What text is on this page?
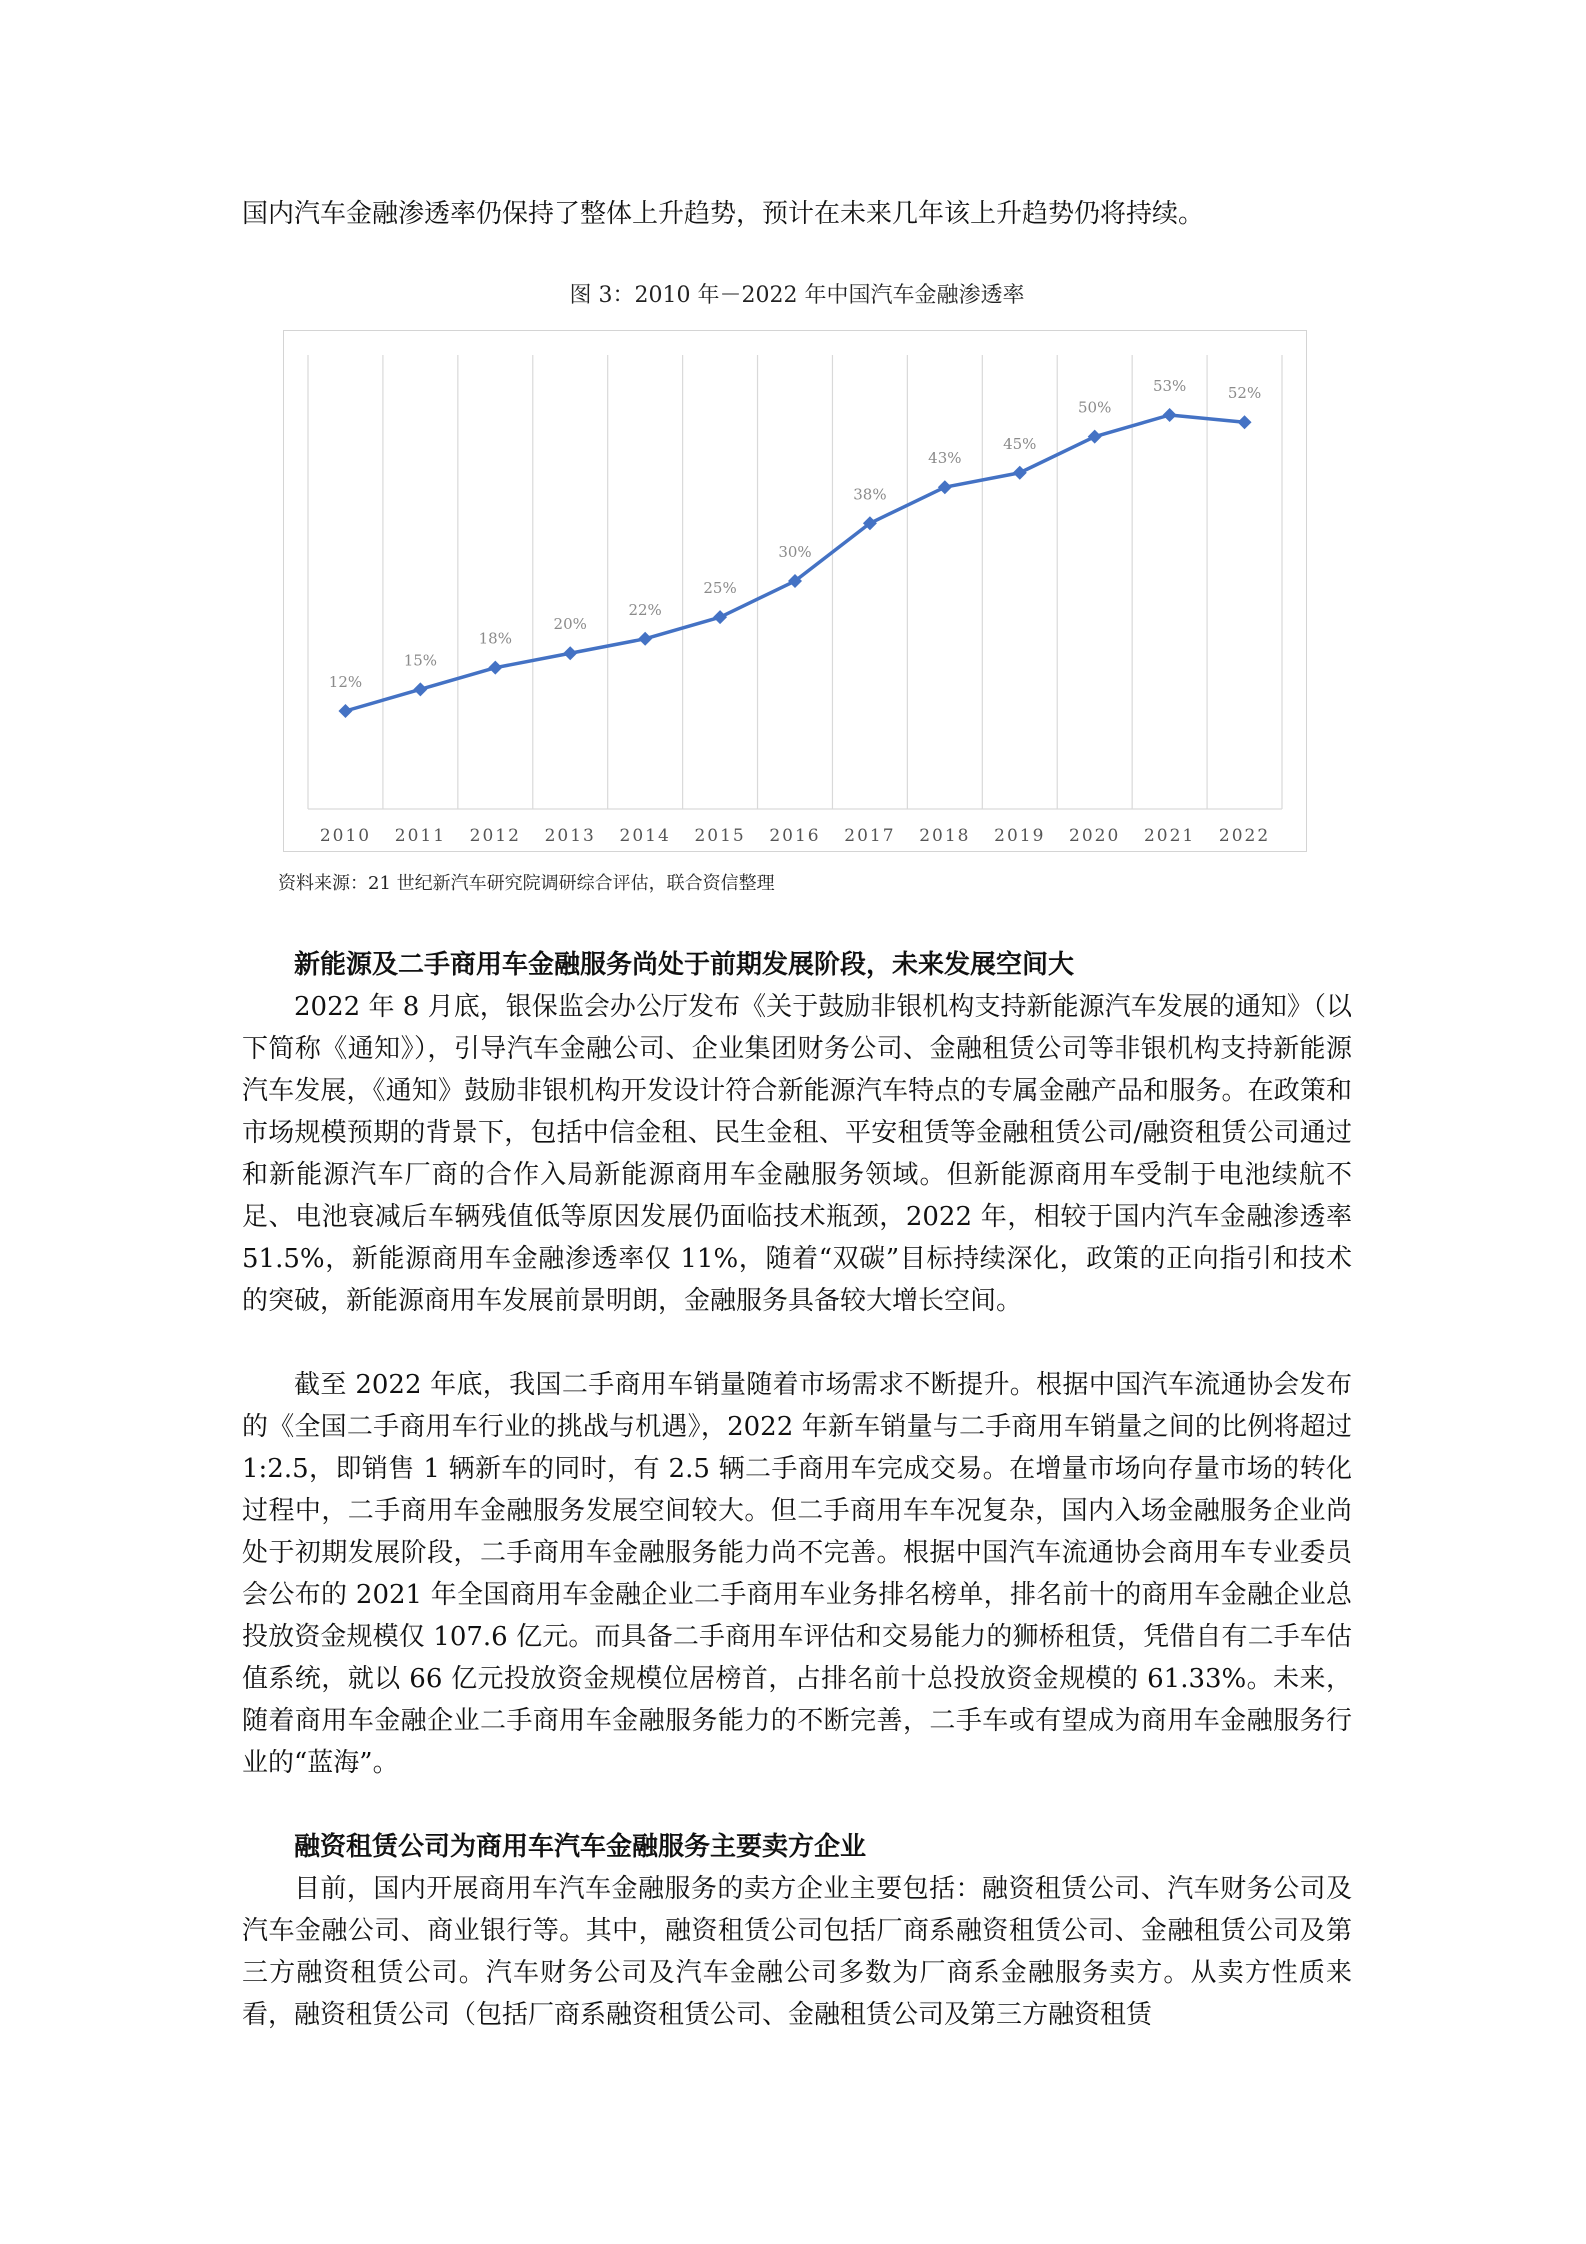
国内汽车金融渗透率仍保持了整体上升趋势，预计在未来几年该上升趋势仍将持续。

图 3：2010 年－2022 年中国汽车金融渗透率
12%
15%
18%
20%
22%
25%
30%
38%
43%
45%
50%
53%	52%
2010 2011 2012 2013 2014 2015 2016 2017 2018 2019 2020 2021 2022
资料来源：21 世纪新汽车研究院调研综合评估，联合资信整理

新能源及二手商用车金融服务尚处于前期发展阶段，未来发展空间大

2022 年 8 月底，银保监会办公厅发布《关于鼓励非银机构支持新能源汽车发展的通知》（以下简称《通知》），引导汽车金融公司、企业集团财务公司、金融租赁公司等非银机构支持新能源汽车发展，《通知》鼓励非银机构开发设计符合新能源汽车特点的专属金融产品和服务。在政策和市场规模预期的背景下，包括中信金租、民生金租、平安租赁等金融租赁公司/融资租赁公司通过和新能源汽车厂商的合作入局新能源商用车金融服务领域。但新能源商用车受制于电池续航不足、电池衰减后车辆残值低等原因发展仍面临技术瓶颈，2022 年，相较于国内汽车金融渗透率 51.5%，新能源商用车金融渗透率仅 11%，随着“双碳”目标持续深化，政策的正向指引和技术的突破，新能源商用车发展前景明朗，金融服务具备较大增长空间。

截至 2022 年底，我国二手商用车销量随着市场需求不断提升。根据中国汽车流通协会发布的《全国二手商用车行业的挑战与机遇》，2022 年新车销量与二手商用车销量之间的比例将超过 1:2.5，即销售 1 辆新车的同时，有 2.5 辆二手商用车完成交易。在增量市场向存量市场的转化过程中，二手商用车金融服务发展空间较大。但二手商用车车况复杂，国内入场金融服务企业尚处于初期发展阶段，二手商用车金融服务能力尚不完善。根据中国汽车流通协会商用车专业委员会公布的 2021 年全国商用车金融企业二手商用车业务排名榜单，排名前十的商用车金融企业总投放资金规模仅 107.6 亿元。而具备二手商用车评估和交易能力的狮桥租赁，凭借自有二手车估值系统，就以 66 亿元投放资金规模位居榜首，占排名前十总投放资金规模的 61.33%。未来，随着商用车金融企业二手商用车金融服务能力的不断完善，二手车或有望成为商用车金融服务行业的“蓝海”。

融资租赁公司为商用车汽车金融服务主要卖方企业

目前，国内开展商用车汽车金融服务的卖方企业主要包括：融资租赁公司、汽车财务公司及汽车金融公司、商业银行等。其中，融资租赁公司包括厂商系融资租赁公司、金融租赁公司及第三方融资租赁公司。汽车财务公司及汽车金融公司多数为厂商系金融服务卖方。从卖方性质来看，融资租赁公司（包括厂商系融资租赁公司、金融租赁公司及第三方融资租赁
